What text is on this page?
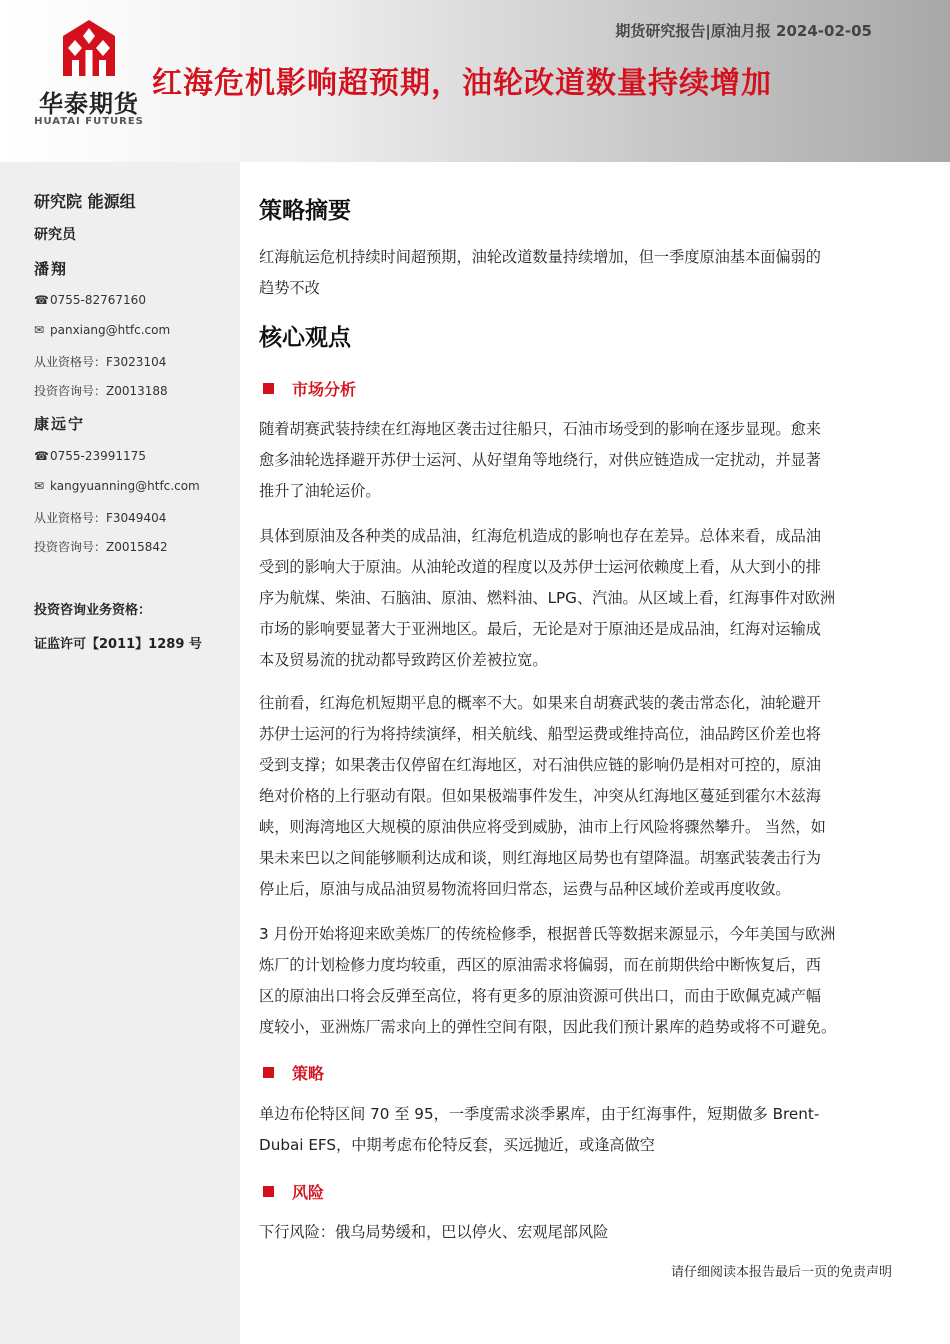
华泰期货
HUATAI FUTURES
期货研究报告|原油月报 2024-02-05
红海危机影响超预期，油轮改道数量持续增加
研究院 能源组
研究员
潘翔
☎0755-82767160
✉ panxiang@htfc.com
从业资格号：F3023104
投资咨询号：Z0013188
康远宁
☎0755-23991175
✉ kangyuanning@htfc.com
从业资格号：F3049404
投资咨询号：Z0015842
投资咨询业务资格：
证监许可【2011】1289 号
策略摘要
红海航运危机持续时间超预期，油轮改道数量持续增加，但一季度原油基本面偏弱的
趋势不改
核心观点
市场分析
随着胡赛武装持续在红海地区袭击过往船只，石油市场受到的影响在逐步显现。愈来
愈多油轮选择避开苏伊士运河、从好望角等地绕行，对供应链造成一定扰动，并显著
推升了油轮运价。
具体到原油及各种类的成品油，红海危机造成的影响也存在差异。总体来看，成品油
受到的影响大于原油。从油轮改道的程度以及苏伊士运河依赖度上看，从大到小的排
序为航煤、柴油、石脑油、原油、燃料油、LPG、汽油。从区域上看，红海事件对欧洲
市场的影响要显著大于亚洲地区。最后，无论是对于原油还是成品油，红海对运输成
本及贸易流的扰动都导致跨区价差被拉宽。
往前看，红海危机短期平息的概率不大。如果来自胡赛武装的袭击常态化，油轮避开
苏伊士运河的行为将持续演绎，相关航线、船型运费或维持高位，油品跨区价差也将
受到支撑；如果袭击仅停留在红海地区，对石油供应链的影响仍是相对可控的，原油
绝对价格的上行驱动有限。但如果极端事件发生，冲突从红海地区蔓延到霍尔木兹海
峡，则海湾地区大规模的原油供应将受到威胁，油市上行风险将骤然攀升。 当然，如
果未来巴以之间能够顺利达成和谈，则红海地区局势也有望降温。胡塞武装袭击行为
停止后，原油与成品油贸易物流将回归常态，运费与品种区域价差或再度收敛。
3 月份开始将迎来欧美炼厂的传统检修季，根据普氏等数据来源显示，今年美国与欧洲
炼厂的计划检修力度均较重，西区的原油需求将偏弱，而在前期供给中断恢复后，西
区的原油出口将会反弹至高位，将有更多的原油资源可供出口，而由于欧佩克减产幅
度较小，亚洲炼厂需求向上的弹性空间有限，因此我们预计累库的趋势或将不可避免。
策略
单边布伦特区间 70 至 95，一季度需求淡季累库，由于红海事件，短期做多 Brent-
Dubai EFS，中期考虑布伦特反套，买远抛近，或逢高做空
风险
下行风险：俄乌局势缓和，巴以停火、宏观尾部风险
请仔细阅读本报告最后一页的免责声明
